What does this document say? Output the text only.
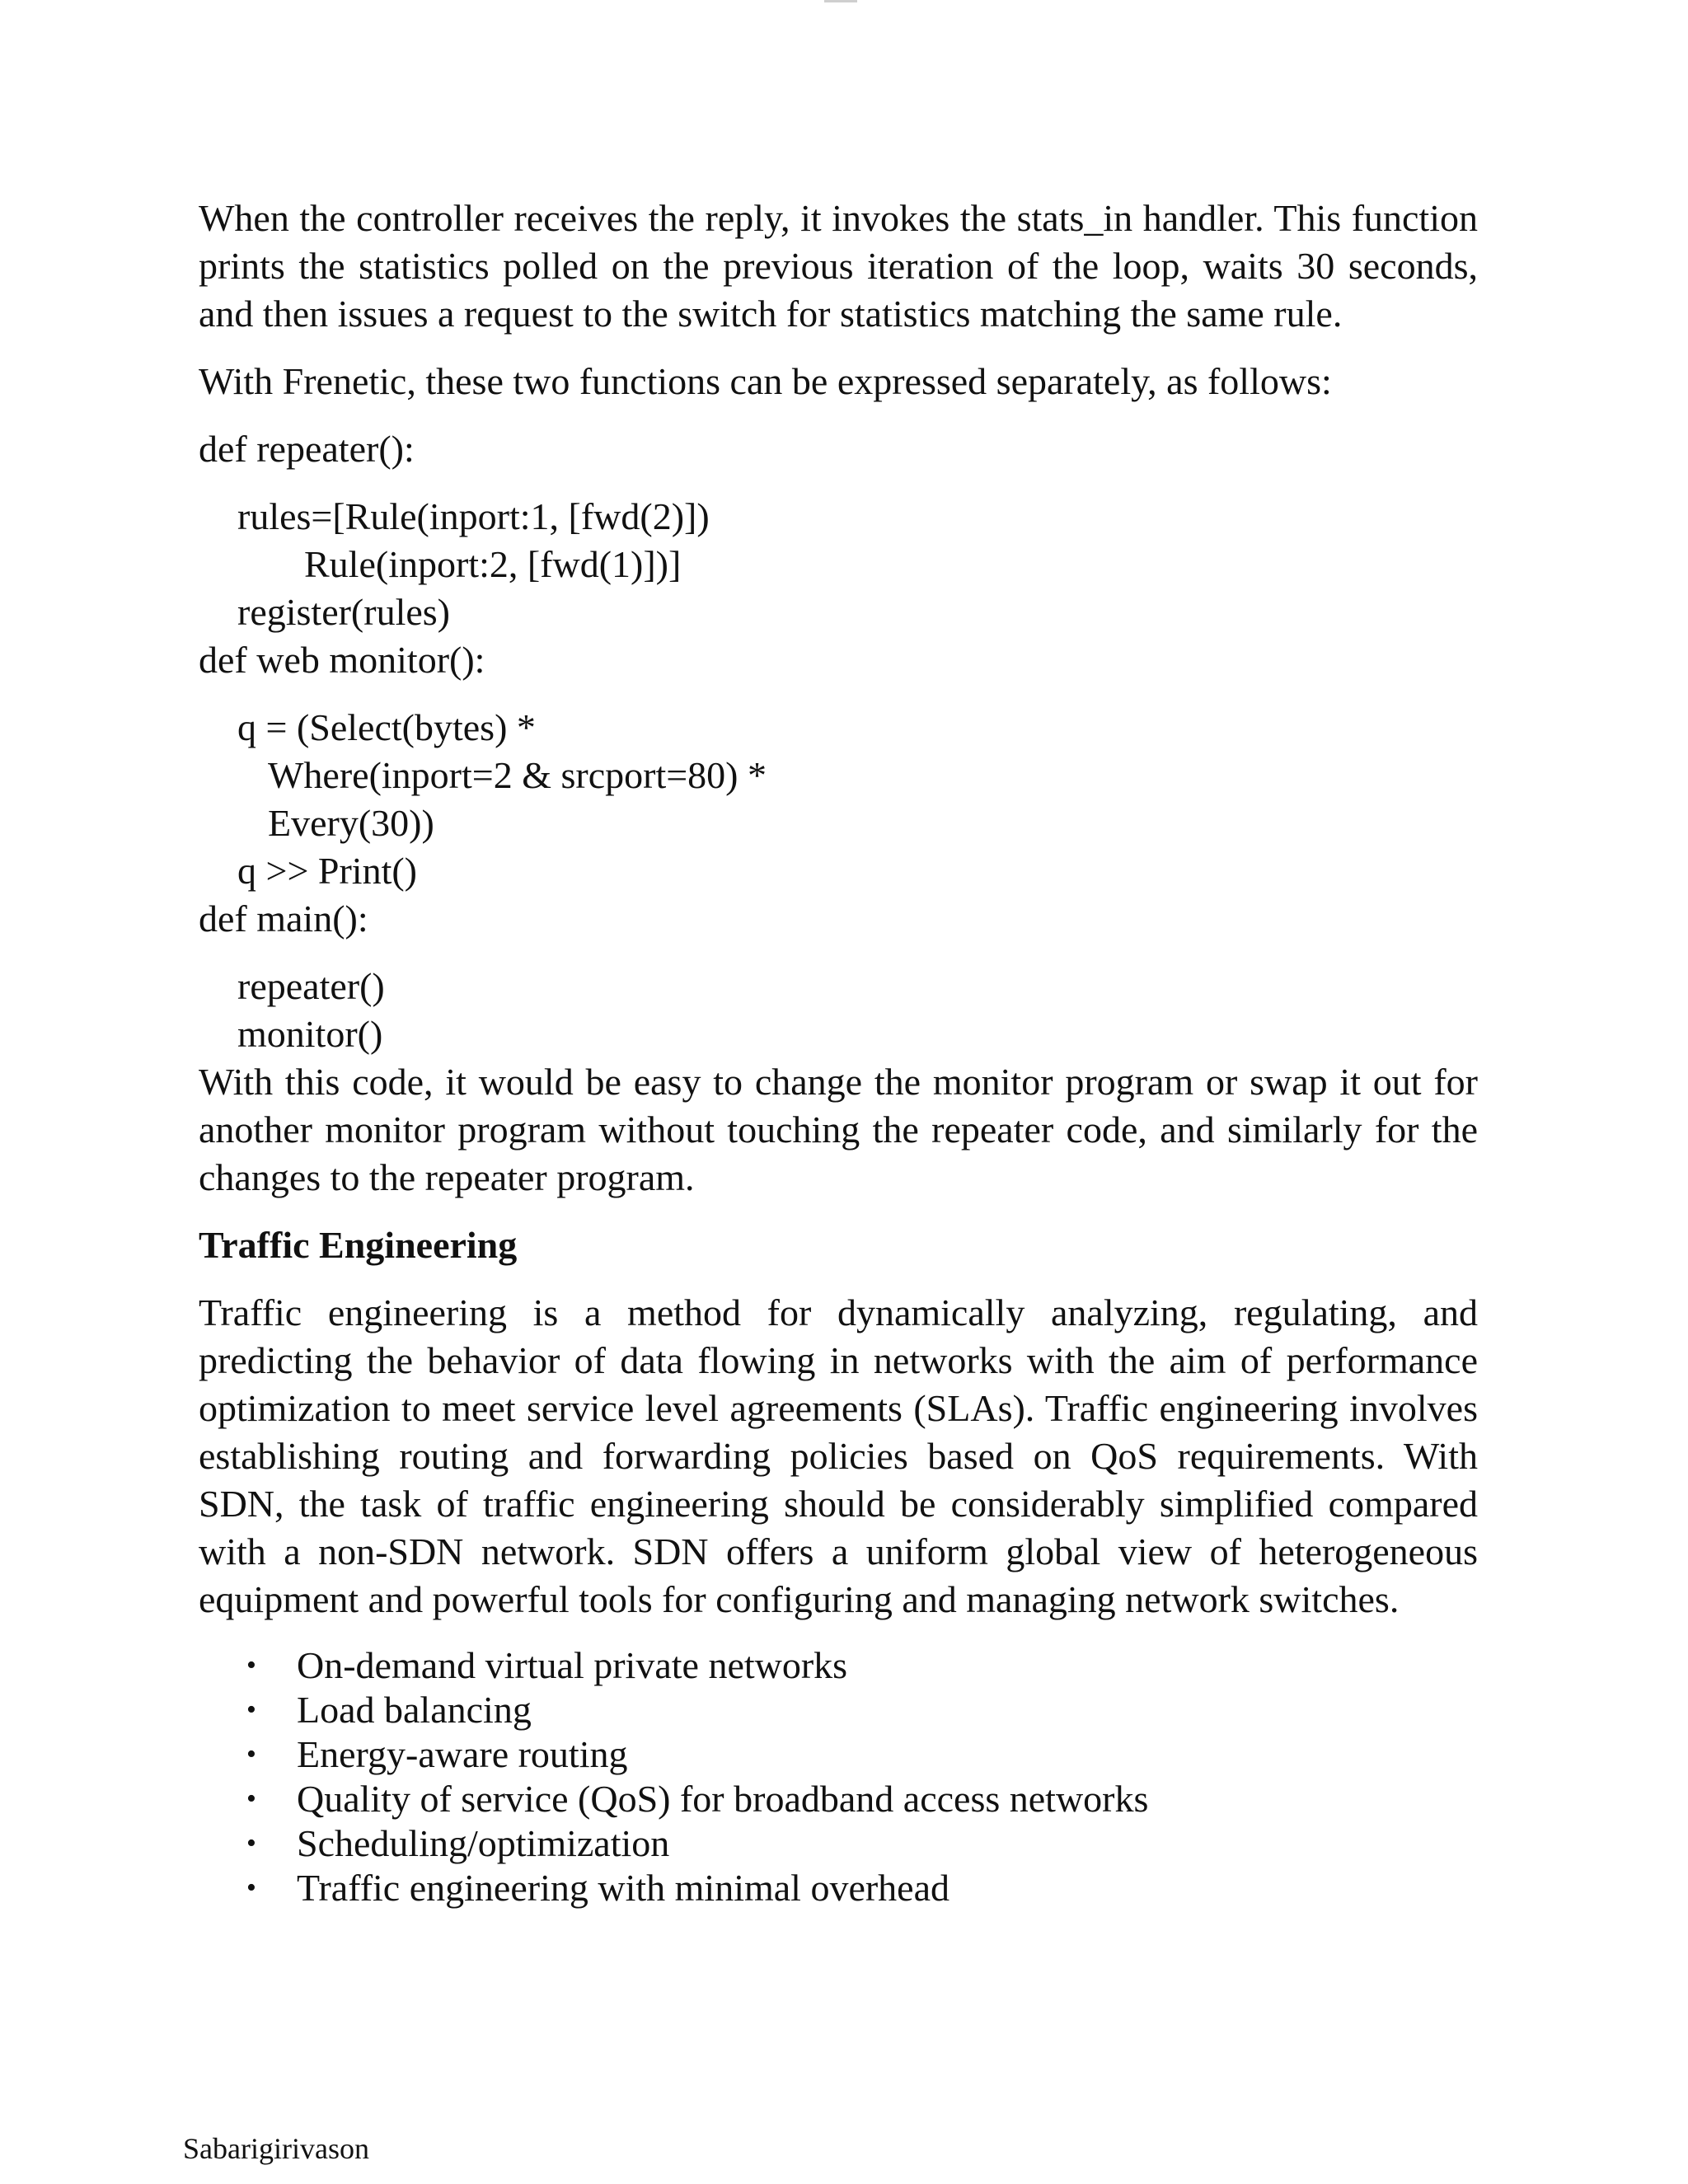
When the controller receives the reply, it invokes the stats_in handler. This function prints the statistics polled on the previous iteration of the loop, waits 30 seconds, and then issues a request to the switch for statistics matching the same rule.

With Frenetic, these two functions can be expressed separately, as follows:

def repeater():
rules=[Rule(inport:1, [fwd(2)])
Rule(inport:2, [fwd(1)])]
register(rules)
def web monitor():
q = (Select(bytes) *
Where(inport=2 & srcport=80) *
Every(30))
q >> Print()
def main():
repeater()
monitor()

With this code, it would be easy to change the monitor program or swap it out for another monitor program without touching the repeater code, and similarly for the changes to the repeater program.

Traffic Engineering

Traffic engineering is a method for dynamically analyzing, regulating, and predicting the behavior of data flowing in networks with the aim of performance optimization to meet service level agreements (SLAs). Traffic engineering involves establishing routing and forwarding policies based on QoS requirements. With SDN, the task of traffic engineering should be considerably simplified compared with a non-SDN network. SDN offers a uniform global view of heterogeneous equipment and powerful tools for configuring and managing network switches.

• On-demand virtual private networks
• Load balancing
• Energy-aware routing
• Quality of service (QoS) for broadband access networks
• Scheduling/optimization
• Traffic engineering with minimal overhead
Sabarigirivason
